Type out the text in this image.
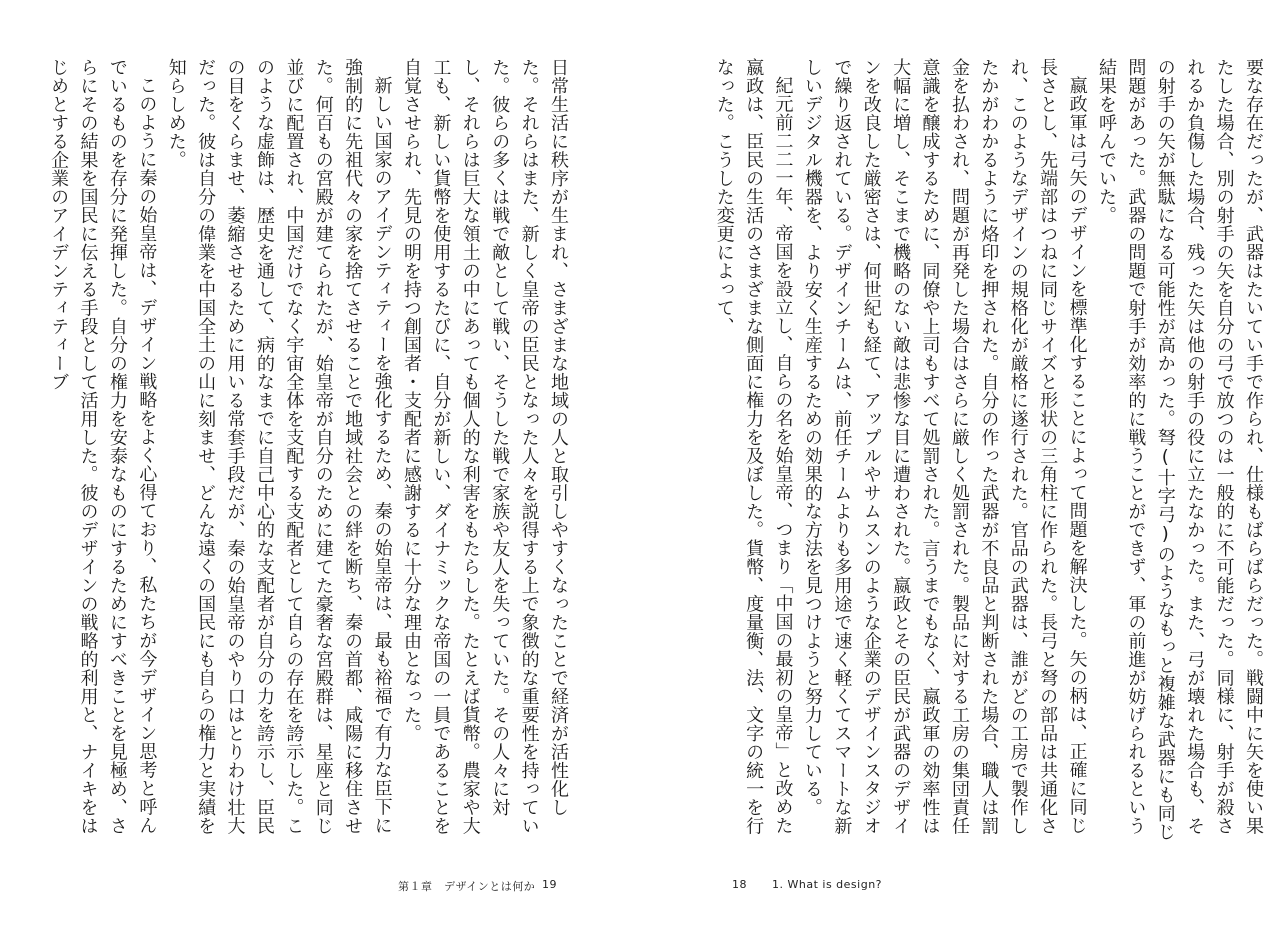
日常生活に秩序が生まれ、さまざまな地域の人と取引しやすくなったことで経済が活性化した。それらはまた、新しく皇帝の臣民となった人々を説得する上で象徴的な重要性を持っていた。彼らの多くは戦で敵として戦い、そうした戦で家族や友人を失っていた。その人々に対し、それらは巨大な領土の中にあっても個人的な利害をもたらした。たとえば貨幣。農家や大工も、新しい貨幣を使用するたびに、自分が新しい、ダイナミックな帝国の一員であることを自覚させられ、先見の明を持つ創国者・支配者に感謝するに十分な理由となった。

新しい国家のアイデンティティーを強化するため、秦の始皇帝は、最も裕福で有力な臣下に強制的に先祖代々の家を捨てさせることで地域社会との絆を断ち、秦の首都、咸陽に移住させた。何百もの宮殿が建てられたが、始皇帝が自分のために建てた豪奢な宮殿群は、星座と同じ並びに配置され、中国だけでなく宇宙全体を支配する支配者として自らの存在を誇示した。このような虚飾は、歴史を通して、病的なまでに自己中心的な支配者が自分の力を誇示し、臣民の目をくらませ、萎縮させるために用いる常套手段だが、秦の始皇帝のやり口はとりわけ壮大だった。彼は自分の偉業を中国全土の山に刻ませ、どんな遠くの国民にも自らの権力と実績を知らしめた。

このように秦の始皇帝は、デザイン戦略をよく心得ており、私たちが今デザイン思考と呼んでいるものを存分に発揮した。自分の権力を安泰なものにするためにすべきことを見極め、さらにその結果を国民に伝える手段として活用した。彼のデザインの戦略的利用と、ナイキをはじめとする企業のアイデンティティーブ

第１章　デザインとは何か 19

要な存在だったが、武器はたいてい手で作られ、仕様もばらばらだった。戦闘中に矢を使い果たした場合、別の射手の矢を自分の弓で放つのは一般的に不可能だった。同様に、射手が殺されるか負傷した場合、残った矢は他の射手の役に立たなかった。また、弓が壊れた場合も、その射手の矢が無駄になる可能性が高かった。弩(十字弓)のようなもっと複雑な武器にも同じ問題があった。武器の問題で射手が効率的に戦うことができず、軍の前進が妨げられるという結果を呼んでいた。

嬴政軍は弓矢のデザインを標準化することによって問題を解決した。矢の柄は、正確に同じ長さとし、先端部はつねに同じサイズと形状の三角柱に作られた。長弓と弩の部品は共通化され、このようなデザインの規格化が厳格に遂行された。官品の武器は、誰がどの工房で製作したかがわかるように烙印を押された。自分の作った武器が不良品と判断された場合、職人は罰金を払わされ、問題が再発した場合はさらに厳しく処罰された。製品に対する工房の集団責任意識を醸成するために、同僚や上司もすべて処罰された。言うまでもなく、嬴政軍の効率性は大幅に増し、そこまで機略のない敵は悲惨な目に遭わされた。嬴政とその臣民が武器のデザインを改良した厳密さは、何世紀も経て、アップルやサムスンのような企業のデザインスタジオで繰り返されている。デザインチームは、前任チームよりも多用途で速く軽くてスマートな新しいデジタル機器を、より安く生産するための効果的な方法を見つけようと努力している。

紀元前二二一年、帝国を設立し、自らの名を始皇帝、つまり「中国の最初の皇帝」と改めた嬴政は、臣民の生活のさまざまな側面に権力を及ぼした。貨幣、度量衡、法、文字の統一を行なった。こうした変更によって、

18 1. What is design?
